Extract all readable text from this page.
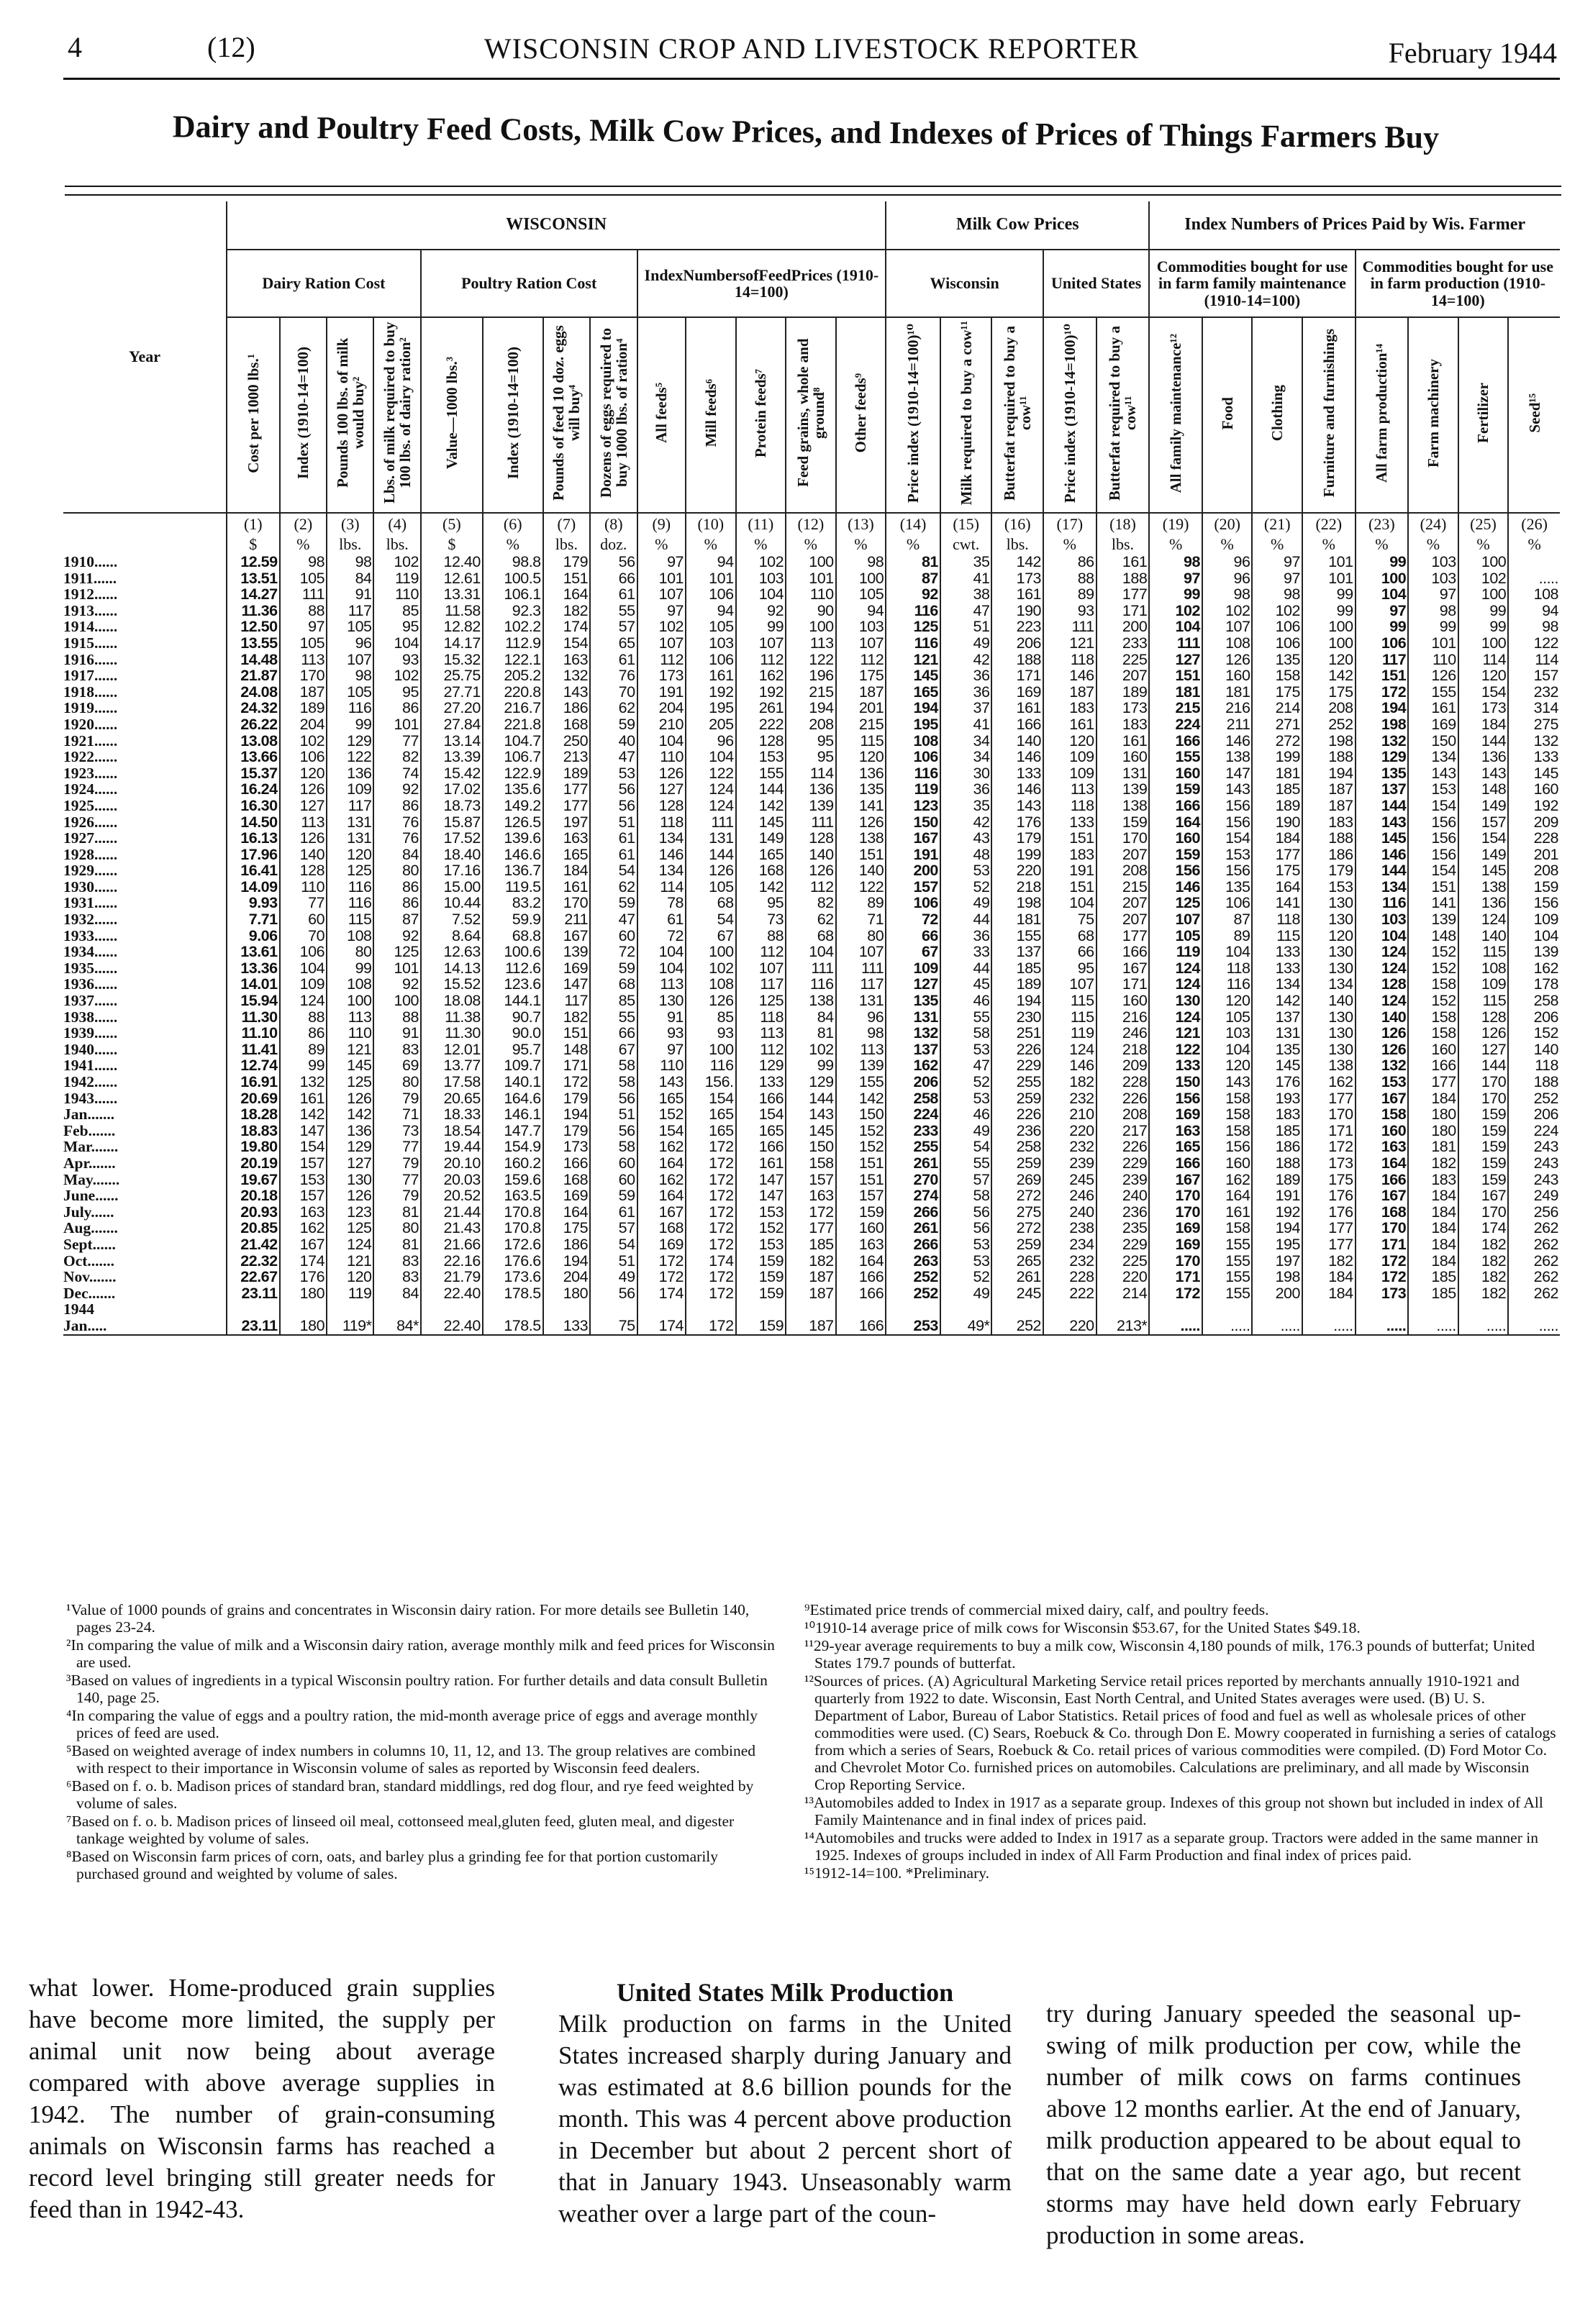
4	(12)	WISCONSIN CROP AND LIVESTOCK REPORTER	February 1944
Dairy and Poultry Feed Costs, Milk Cow Prices, and Indexes of Prices of Things Farmers Buy
Year	WISCONSIN													Milk Cow Prices					Index Numbers of Prices Paid by Wis. Farmer							
	Dairy Ration Cost				Poultry Ration Cost				IndexNumbersofFeedPrices (1910-14=100)					Wisconsin			United States		Commodities bought for use in farm family maintenance (1910-14=100)				Commodities bought for use in farm production (1910-14=100)			
	Cost per 1000 lbs.¹	Index (1910-14=100)	Pounds 100 lbs. of milk would buy²	Lbs. of milk required to buy 100 lbs. of dairy ration²	Value—1000 lbs.³	Index (1910-14=100)	Pounds of feed 10 doz. eggs will buy⁴	Dozens of eggs required to buy 1000 lbs. of ration⁴	All feeds⁵	Mill feeds⁶	Protein feeds⁷	Feed grains, whole and ground⁸	Other feeds⁹	Price index (1910-14=100)¹⁰	Milk required to buy a cow¹¹	Butterfat required to buy a cow¹¹	Price index (1910-14=100)¹⁰	Butterfat required to buy a cow¹¹	All family maintenance¹²	Food	Clothing	Furniture and furnishings	All farm production¹⁴	Farm machinery	Fertilizer	Seed¹⁵
	(1)	(2)	(3)	(4)	(5)	(6)	(7)	(8)	(9)	(10)	(11)	(12)	(13)	(14)	(15)	(16)	(17)	(18)	(19)	(20)	(21)	(22)	(23)	(24)	(25)	(26)
	$	%	lbs.	lbs.	$	%	lbs.	doz.	%	%	%	%	%	%	cwt.	lbs.	%	lbs.	%	%	%	%	%	%	%	%
1910......	12.59	98	98	102	12.40	98.8	179	56	97	94	102	100	98	81	35	142	86	161	98	96	97	101	99	103	100	
1911......	13.51	105	84	119	12.61	100.5	151	66	101	101	103	101	100	87	41	173	88	188	97	96	97	101	100	103	102	.....
1912......	14.27	111	91	110	13.31	106.1	164	61	107	106	104	110	105	92	38	161	89	177	99	98	98	99	104	97	100	108
1913......	11.36	88	117	85	11.58	92.3	182	55	97	94	92	90	94	116	47	190	93	171	102	102	102	99	97	98	99	94
1914......	12.50	97	105	95	12.82	102.2	174	57	102	105	99	100	103	125	51	223	111	200	104	107	106	100	99	99	99	98
1915......	13.55	105	96	104	14.17	112.9	154	65	107	103	107	113	107	116	49	206	121	233	111	108	106	100	106	101	100	122
1916......	14.48	113	107	93	15.32	122.1	163	61	112	106	112	122	112	121	42	188	118	225	127	126	135	120	117	110	114	114
1917......	21.87	170	98	102	25.75	205.2	132	76	173	161	162	196	175	145	36	171	146	207	151	160	158	142	151	126	120	157
1918......	24.08	187	105	95	27.71	220.8	143	70	191	192	192	215	187	165	36	169	187	189	181	181	175	175	172	155	154	232
1919......	24.32	189	116	86	27.20	216.7	186	62	204	195	261	194	201	194	37	161	183	173	215	216	214	208	194	161	173	314
1920......	26.22	204	99	101	27.84	221.8	168	59	210	205	222	208	215	195	41	166	161	183	224	211	271	252	198	169	184	275
1921......	13.08	102	129	77	13.14	104.7	250	40	104	96	128	95	115	108	34	140	120	161	166	146	272	198	132	150	144	132
1922......	13.66	106	122	82	13.39	106.7	213	47	110	104	153	95	120	106	34	146	109	160	155	138	199	188	129	134	136	133
1923......	15.37	120	136	74	15.42	122.9	189	53	126	122	155	114	136	116	30	133	109	131	160	147	181	194	135	143	143	145
1924......	16.24	126	109	92	17.02	135.6	177	56	127	124	144	136	135	119	36	146	113	139	159	143	185	187	137	153	148	160
1925......	16.30	127	117	86	18.73	149.2	177	56	128	124	142	139	141	123	35	143	118	138	166	156	189	187	144	154	149	192
1926......	14.50	113	131	76	15.87	126.5	197	51	118	111	145	111	126	150	42	176	133	159	164	156	190	183	143	156	157	209
1927......	16.13	126	131	76	17.52	139.6	163	61	134	131	149	128	138	167	43	179	151	170	160	154	184	188	145	156	154	228
1928......	17.96	140	120	84	18.40	146.6	165	61	146	144	165	140	151	191	48	199	183	207	159	153	177	186	146	156	149	201
1929......	16.41	128	125	80	17.16	136.7	184	54	134	126	168	126	140	200	53	220	191	208	156	156	175	179	144	154	145	208
1930......	14.09	110	116	86	15.00	119.5	161	62	114	105	142	112	122	157	52	218	151	215	146	135	164	153	134	151	138	159
1931......	9.93	77	116	86	10.44	83.2	170	59	78	68	95	82	89	106	49	198	104	207	125	106	141	130	116	141	136	156
1932......	7.71	60	115	87	7.52	59.9	211	47	61	54	73	62	71	72	44	181	75	207	107	87	118	130	103	139	124	109
1933......	9.06	70	108	92	8.64	68.8	167	60	72	67	88	68	80	66	36	155	68	177	105	89	115	120	104	148	140	104
1934......	13.61	106	80	125	12.63	100.6	139	72	104	100	112	104	107	67	33	137	66	166	119	104	133	130	124	152	115	139
1935......	13.36	104	99	101	14.13	112.6	169	59	104	102	107	111	111	109	44	185	95	167	124	118	133	130	124	152	108	162
1936......	14.01	109	108	92	15.52	123.6	147	68	113	108	117	116	117	127	45	189	107	171	124	116	134	134	128	158	109	178
1937......	15.94	124	100	100	18.08	144.1	117	85	130	126	125	138	131	135	46	194	115	160	130	120	142	140	124	152	115	258
1938......	11.30	88	113	88	11.38	90.7	182	55	91	85	118	84	96	131	55	230	115	216	124	105	137	130	140	158	128	206
1939......	11.10	86	110	91	11.30	90.0	151	66	93	93	113	81	98	132	58	251	119	246	121	103	131	130	126	158	126	152
1940......	11.41	89	121	83	12.01	95.7	148	67	97	100	112	102	113	137	53	226	124	218	122	104	135	130	126	160	127	140
1941......	12.74	99	145	69	13.77	109.7	171	58	110	116	129	99	139	162	47	229	146	209	133	120	145	138	132	166	144	118
1942......	16.91	132	125	80	17.58	140.1	172	58	143	156.	133	129	155	206	52	255	182	228	150	143	176	162	153	177	170	188
1943......	20.69	161	126	79	20.65	164.6	179	56	165	154	166	144	142	258	53	259	232	226	156	158	193	177	167	184	170	252
Jan.......	18.28	142	142	71	18.33	146.1	194	51	152	165	154	143	150	224	46	226	210	208	169	158	183	170	158	180	159	206
Feb.......	18.83	147	136	73	18.54	147.7	179	56	154	165	165	145	152	233	49	236	220	217	163	158	185	171	160	180	159	224
Mar.......	19.80	154	129	77	19.44	154.9	173	58	162	172	166	150	152	255	54	258	232	226	165	156	186	172	163	181	159	243
Apr.......	20.19	157	127	79	20.10	160.2	166	60	164	172	161	158	151	261	55	259	239	229	166	160	188	173	164	182	159	243
May.......	19.67	153	130	77	20.03	159.6	168	60	162	172	147	157	151	270	57	269	245	239	167	162	189	175	166	183	159	243
June......	20.18	157	126	79	20.52	163.5	169	59	164	172	147	163	157	274	58	272	246	240	170	164	191	176	167	184	167	249
July......	20.93	163	123	81	21.44	170.8	164	61	167	172	153	172	159	266	56	275	240	236	170	161	192	176	168	184	170	256
Aug.......	20.85	162	125	80	21.43	170.8	175	57	168	172	152	177	160	261	56	272	238	235	169	158	194	177	170	184	174	262
Sept......	21.42	167	124	81	21.66	172.6	186	54	169	172	153	185	163	266	53	259	234	229	169	155	195	177	171	184	182	262
Oct.......	22.32	174	121	83	22.16	176.6	194	51	172	174	159	182	164	263	53	265	232	225	170	155	197	182	172	184	182	262
Nov.......	22.67	176	120	83	21.79	173.6	204	49	172	172	159	187	166	252	52	261	228	220	171	155	198	184	172	185	182	262
Dec.......	23.11	180	119	84	22.40	178.5	180	56	174	172	159	187	166	252	49	245	222	214	172	155	200	184	173	185	182	262
1944																										
Jan.....	23.11	180	119*	84*	22.40	178.5	133	75	174	172	159	187	166	253	49*	252	220	213*	.....	.....	.....	.....	.....	.....	.....	.....

¹Value of 1000 pounds of grains and concentrates in Wisconsin dairy ration. For more details see Bulletin 140, pages 23-24.

²In comparing the value of milk and a Wisconsin dairy ration, average monthly milk and feed prices for Wisconsin are used.

³Based on values of ingredients in a typical Wisconsin poultry ration. For further details and data consult Bulletin 140, page 25.

⁴In comparing the value of eggs and a poultry ration, the mid-month average price of eggs and average monthly prices of feed are used.

⁵Based on weighted average of index numbers in columns 10, 11, 12, and 13. The group relatives are combined with respect to their importance in Wisconsin volume of sales as reported by Wisconsin feed dealers.

⁶Based on f. o. b. Madison prices of standard bran, standard middlings, red dog flour, and rye feed weighted by volume of sales.

⁷Based on f. o. b. Madison prices of linseed oil meal, cottonseed meal,gluten feed, gluten meal, and digester tankage weighted by volume of sales.

⁸Based on Wisconsin farm prices of corn, oats, and barley plus a grinding fee for that portion customarily purchased ground and weighted by volume of sales.

⁹Estimated price trends of commercial mixed dairy, calf, and poultry feeds.

¹⁰1910-14 average price of milk cows for Wisconsin $53.67, for the United States $49.18.

¹¹29-year average requirements to buy a milk cow, Wisconsin 4,180 pounds of milk, 176.3 pounds of butterfat; United States 179.7 pounds of butterfat.

¹²Sources of prices. (A) Agricultural Marketing Service retail prices reported by merchants annually 1910-1921 and quarterly from 1922 to date. Wisconsin, East North Central, and United States averages were used. (B) U. S. Department of Labor, Bureau of Labor Statistics. Retail prices of food and fuel as well as wholesale prices of other commodities were used. (C) Sears, Roebuck & Co. through Don E. Mowry cooperated in furnishing a series of catalogs from which a series of Sears, Roebuck & Co. retail prices of various commodities were compiled. (D) Ford Motor Co. and Chevrolet Motor Co. furnished prices on automobiles. Calculations are preliminary, and all made by Wisconsin Crop Reporting Service.

¹³Automobiles added to Index in 1917 as a separate group. Indexes of this group not shown but included in index of All Family Maintenance and in final index of prices paid.

¹⁴Automobiles and trucks were added to Index in 1917 as a separate group. Tractors were added in the same manner in 1925. Indexes of groups included in index of All Farm Production and final index of prices paid.

¹⁵1912-14=100. *Preliminary.

what lower. Home-produced grain supplies have become more limited, the supply per animal unit now being about average compared with above average supplies in 1942. The number of grain-consuming animals on Wisconsin farms has reached a record level bringing still greater needs for feed than in 1942-43.
United States Milk Production
Milk production on farms in the United States increased sharply during January and was estimated at 8.6 billion pounds for the month. This was 4 percent above production in December but about 2 percent short of that in January 1943. Unseasonably warm weather over a large part of the coun-
try during January speeded the seasonal up-swing of milk production per cow, while the number of milk cows on farms continues above 12 months earlier. At the end of January, milk production appeared to be about equal to that on the same date a year ago, but recent storms may have held down early February production in some areas.
